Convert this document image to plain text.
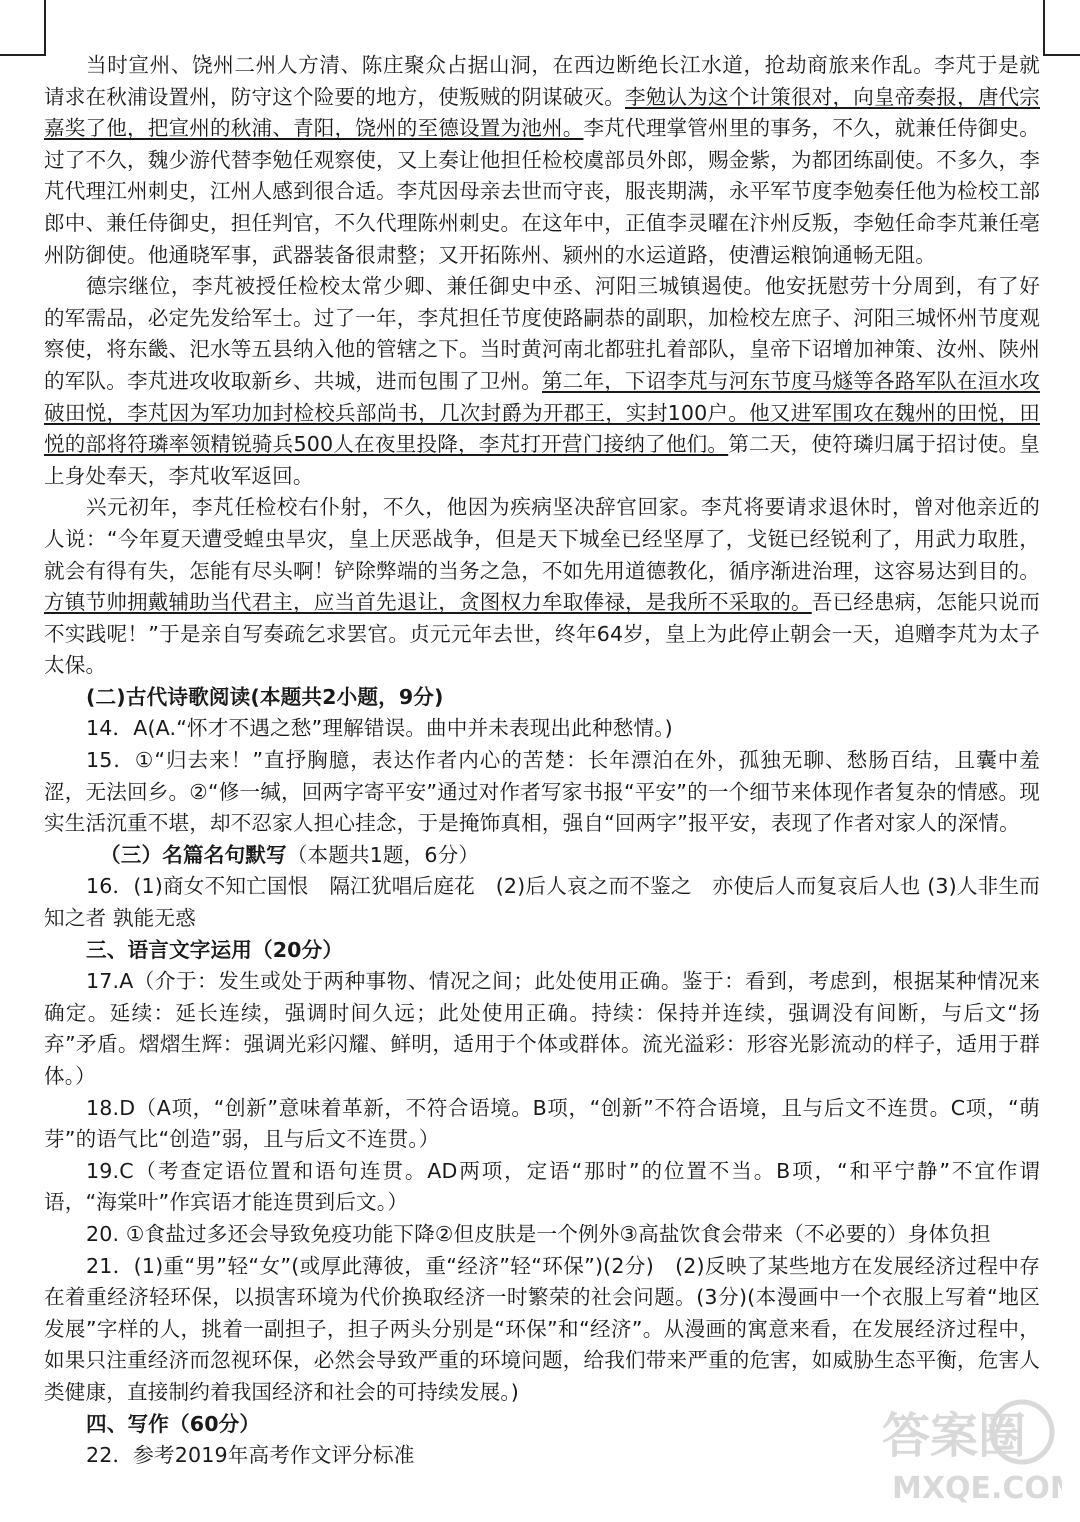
当时宣州、饶州二州人方清、陈庄聚众占据山洞，在西边断绝长江水道，抢劫商旅来作乱。李芃于是就请求在秋浦设置州，防守这个险要的地方，使叛贼的阴谋破灭。李勉认为这个计策很对，向皇帝奏报，唐代宗嘉奖了他，把宣州的秋浦、青阳，饶州的至德设置为池州。李芃代理掌管州里的事务，不久，就兼任侍御史。过了不久，魏少游代替李勉任观察使，又上奏让他担任检校虞部员外郎，赐金紫，为都团练副使。不多久，李芃代理江州刺史，江州人感到很合适。李芃因母亲去世而守丧，服丧期满，永平军节度李勉奏任他为检校工部郎中、兼任侍御史，担任判官，不久代理陈州刺史。在这年中，正值李灵曜在汴州反叛，李勉任命李芃兼任亳州防御使。他通晓军事，武器装备很肃整；又开拓陈州、颍州的水运道路，使漕运粮饷通畅无阻。

德宗继位，李芃被授任检校太常少卿、兼任御史中丞、河阳三城镇遏使。他安抚慰劳十分周到，有了好的军需品，必定先发给军士。过了一年，李芃担任节度使路嗣恭的副职，加检校左庶子、河阳三城怀州节度观察使，将东畿、汜水等五县纳入他的管辖之下。当时黄河南北都驻扎着部队，皇帝下诏增加神策、汝州、陕州的军队。李芃进攻收取新乡、共城，进而包围了卫州。第二年，下诏李芃与河东节度马燧等各路军队在洹水攻破田悦，李芃因为军功加封检校兵部尚书，几次封爵为开郡王，实封100户。他又进军围攻在魏州的田悦，田悦的部将符璘率领精锐骑兵500人在夜里投降，李芃打开营门接纳了他们。第二天，使符璘归属于招讨使。皇上身处奉天，李芃收军返回。

兴元初年，李芃任检校右仆射，不久，他因为疾病坚决辞官回家。李芃将要请求退休时，曾对他亲近的人说：“今年夏天遭受蝗虫旱灾，皇上厌恶战争，但是天下城垒已经坚厚了，戈铤已经锐利了，用武力取胜，就会有得有失，怎能有尽头啊！铲除弊端的当务之急，不如先用道德教化，循序渐进治理，这容易达到目的。方镇节帅拥戴辅助当代君主，应当首先退让，贪图权力牟取俸禄，是我所不采取的。吾已经患病，怎能只说而不实践呢！”于是亲自写奏疏乞求罢官。贞元元年去世，终年64岁，皇上为此停止朝会一天，追赠李芃为太子太保。

(二)古代诗歌阅读(本题共2小题，9分)

14．A(A.“怀才不遇之愁”理解错误。曲中并未表现出此种愁情。)

15．①“归去来！”直抒胸臆，表达作者内心的苦楚：长年漂泊在外，孤独无聊、愁肠百结，且囊中羞涩，无法回乡。②“修一缄，回两字寄平安”通过对作者写家书报“平安”的一个细节来体现作者复杂的情感。现实生活沉重不堪，却不忍家人担心挂念，于是掩饰真相，强自“回两字”报平安，表现了作者对家人的深情。

（三）名篇名句默写（本题共1题，6分）

16．(1)商女不知亡国恨　隔江犹唱后庭花　(2)后人哀之而不鉴之　亦使后人而复哀后人也 (3)人非生而知之者 孰能无惑

三、语言文字运用（20分）

17.A（介于：发生或处于两种事物、情况之间；此处使用正确。鉴于：看到，考虑到，根据某种情况来确定。延续：延长连续，强调时间久远；此处使用正确。持续：保持并连续，强调没有间断，与后文“扬弃”矛盾。熠熠生辉：强调光彩闪耀、鲜明，适用于个体或群体。流光溢彩：形容光影流动的样子，适用于群体。）

18.D（A项，“创新”意味着革新，不符合语境。B项，“创新”不符合语境，且与后文不连贯。C项，“萌芽”的语气比“创造”弱，且与后文不连贯。）

19.C（考查定语位置和语句连贯。AD两项，定语“那时”的位置不当。B项，“和平宁静”不宜作谓语，“海棠叶”作宾语才能连贯到后文。）

20. ①食盐过多还会导致免疫功能下降②但皮肤是一个例外③高盐饮食会带来（不必要的）身体负担

21．(1)重“男”轻“女”(或厚此薄彼，重“经济”轻“环保”)(2分)　(2)反映了某些地方在发展经济过程中存在着重经济轻环保，以损害环境为代价换取经济一时繁荣的社会问题。(3分)(本漫画中一个衣服上写着“地区发展”字样的人，挑着一副担子，担子两头分别是“环保”和“经济”。从漫画的寓意来看，在发展经济过程中，如果只注重经济而忽视环保，必然会导致严重的环境问题，给我们带来严重的危害，如威胁生态平衡，危害人类健康，直接制约着我国经济和社会的可持续发展。)

四、写作（60分）

22．参考2019年高考作文评分标准	答案圈
MXQE.COM
